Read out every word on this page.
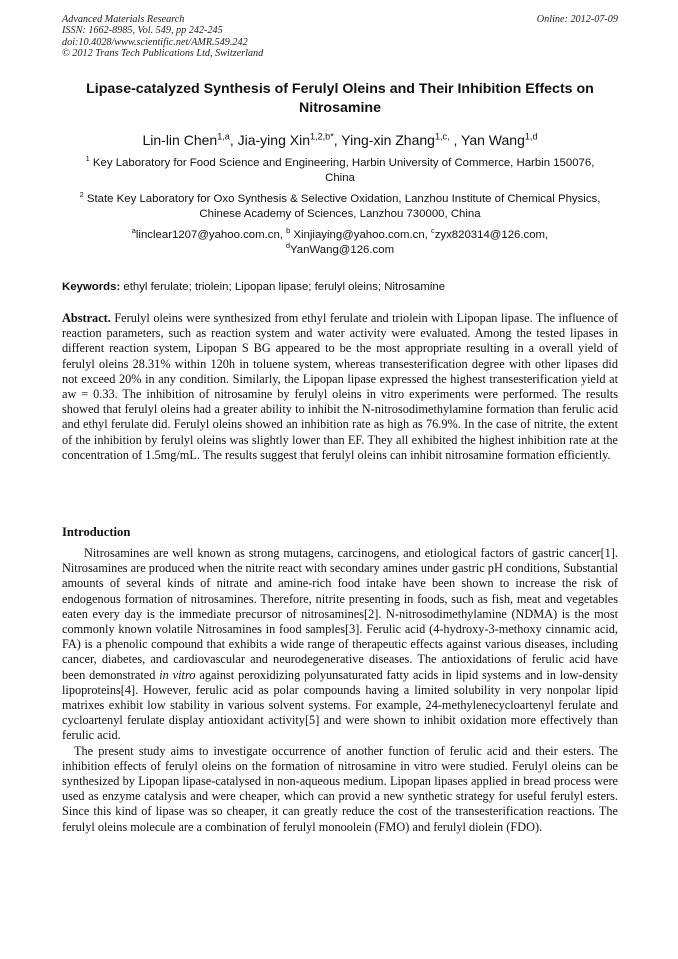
Advanced Materials Research
ISSN: 1662-8985, Vol. 549, pp 242-245
doi:10.4028/www.scientific.net/AMR.549.242
© 2012 Trans Tech Publications Ltd, Switzerland
Online: 2012-07-09
Lipase-catalyzed Synthesis of Ferulyl Oleins and Their Inhibition Effects on Nitrosamine
Lin-lin Chen$^{1,a}$, Jia-ying Xin$^{1,2,b*}$, Ying-xin Zhang$^{1,c,}$ , Yan Wang$^{1,d}$
$^1$ Key Laboratory for Food Science and Engineering, Harbin University of Commerce, Harbin 150076, China
$^2$ State Key Laboratory for Oxo Synthesis & Selective Oxidation, Lanzhou Institute of Chemical Physics, Chinese Academy of Sciences, Lanzhou 730000, China
$^a$linclear1207@yahoo.com.cn, $^b$ Xinjiaying@yahoo.com.cn, $^c$zyx820314@126.com,
$^d$YanWang@126.com
Keywords: ethyl ferulate; triolein; Lipopan lipase; ferulyl oleins; Nitrosamine

Abstract. Ferulyl oleins were synthesized from ethyl ferulate and triolein with Lipopan lipase. The influence of reaction parameters, such as reaction system and water activity were evaluated. Among the tested lipases in different reaction system, Lipopan S BG appeared to be the most appropriate resulting in a overall yield of ferulyl oleins 28.31% within 120h in toluene system, whereas transesterification degree with other lipases did not exceed 20% in any condition. Similarly, the Lipopan lipase expressed the highest transesterification yield at aw = 0.33. The inhibition of nitrosamine by ferulyl oleins in vitro experiments were performed. The results showed that ferulyl oleins had a greater ability to inhibit the N-nitrosodimethylamine formation than ferulic acid and ethyl ferulate did. Ferulyl oleins showed an inhibition rate as high as 76.9%. In the case of nitrite, the extent of the inhibition by ferulyl oleins was slightly lower than EF. They all exhibited the highest inhibition rate at the concentration of 1.5mg/mL. The results suggest that ferulyl oleins can inhibit nitrosamine formation efficiently.

Introduction

Nitrosamines are well known as strong mutagens, carcinogens, and etiological factors of gastric cancer[1]. Nitrosamines are produced when the nitrite react with secondary amines under gastric pH conditions, Substantial amounts of several kinds of nitrate and amine-rich food intake have been shown to increase the risk of endogenous formation of nitrosamines. Therefore, nitrite presenting in foods, such as fish, meat and vegetables eaten every day is the immediate precursor of nitrosamines[2]. N-nitrosodimethylamine (NDMA) is the most commonly known volatile Nitrosamines in food samples[3]. Ferulic acid (4-hydroxy-3-methoxy cinnamic acid, FA) is a phenolic compound that exhibits a wide range of therapeutic effects against various diseases, including cancer, diabetes, and cardiovascular and neurodegenerative diseases. The antioxidations of ferulic acid have been demonstrated in vitro against peroxidizing polyunsaturated fatty acids in lipid systems and in low-density lipoproteins[4]. However, ferulic acid as polar compounds having a limited solubility in very nonpolar lipid matrixes exhibit low stability in various solvent systems. For example, 24-methylenecycloartenyl ferulate and cycloartenyl ferulate display antioxidant activity[5] and were shown to inhibit oxidation more effectively than ferulic acid.

The present study aims to investigate occurrence of another function of ferulic acid and their esters. The inhibition effects of ferulyl oleins on the formation of nitrosamine in vitro were studied. Ferulyl oleins can be synthesized by Lipopan lipase-catalysed in non-aqueous medium. Lipopan lipases applied in bread process were used as enzyme catalysis and were cheaper, which can provid a new synthetic strategy for useful ferulyl esters. Since this kind of lipase was so cheaper, it can greatly reduce the cost of the transesterification reactions. The ferulyl oleins molecule are a combination of ferulyl monoolein (FMO) and ferulyl diolein (FDO).
